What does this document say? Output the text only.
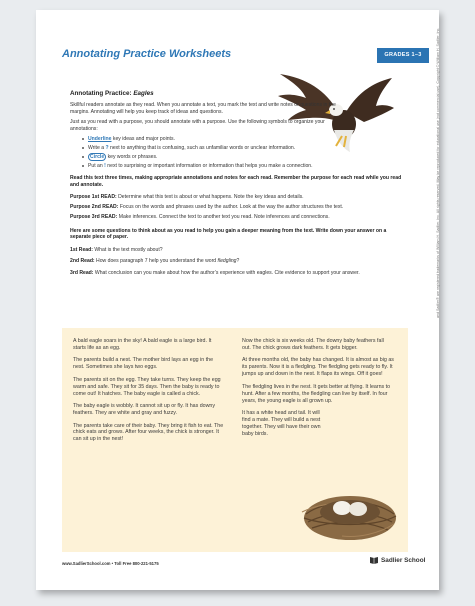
Annotating Practice Worksheets	GRADES 1–3
Annotating Practice: Eagles

Skillful readers annotate as they read. When you annotate a text, you mark the text and write notes or questions in the margins. Annotating will help you keep track of ideas and questions.

Just as you read with a purpose, you should annotate with a purpose. Use the following symbols to organize your annotations:

Underline key ideas and major points.
Write a ? next to anything that is confusing, such as unfamiliar words or unclear information.
Circle key words or phrases.
Put an ! next to surprising or important information or information that helps you make a connection.

Read this text three times, making appropriate annotations and notes for each read. Remember the purpose for each read while you read and annotate.

Purpose 1st READ: Determine what this text is about or what happens. Note the key ideas and details.

Purpose 2nd READ: Focus on the words and phrases used by the author. Look at the way the author structures the text.

Purpose 3rd READ: Make inferences. Connect the text to another text you read. Note inferences and connections.

Here are some questions to think about as you read to help you gain a deeper meaning from the text. Write down your answer on a separate piece of paper.

1st Read: What is the text mostly about?

2nd Read: How does paragraph 7 help you understand the word fledgling?

3rd Read: What conclusion can you make about how the author’s experience with eagles. Cite evidence to support your answer.

A bald eagle soars in the sky! A bald eagle is a large bird. It starts life as an egg.

The parents build a nest. The mother bird lays an egg in the nest. Sometimes she lays two eggs.

The parents sit on the egg. They take turns. They keep the egg warm and safe. They sit for 35 days. Then the baby is ready to come out! It hatches. The baby eagle is called a chick.

The baby eagle is wobbly. It cannot sit up or fly. It has downy feathers. They are white and gray and fuzzy.

The parents take care of their baby. They bring it fish to eat. The chick eats and grows. After four weeks, the chick is stronger. It can sit up in the nest!

Now the chick is six weeks old. The downy baby feathers fall out. The chick grows dark feathers. It gets bigger.

At three months old, the baby has changed. It is almost as big as its parents. Now it is a fledgling. The fledgling gets ready to fly. It jumps up and down in the nest. It flaps its wings. Off it goes!

The fledgling lives in the nest. It gets better at flying. It learns to hunt. After a few months, the fledgling can live by itself. In four years, the young eagle is all grown up.

It has a white head and tail. It will find a mate. They will build a nest together. They will have their own baby birds.

www.SadlierSchool.com • Toll Free 800-221-5175	Sadlier School
and Sadlier® are registered trademarks of William H. Sadlier, Inc. All rights reserved. May be reproduced for educational use (not commercial use). Copyright © William H. Sadlier, Inc.
